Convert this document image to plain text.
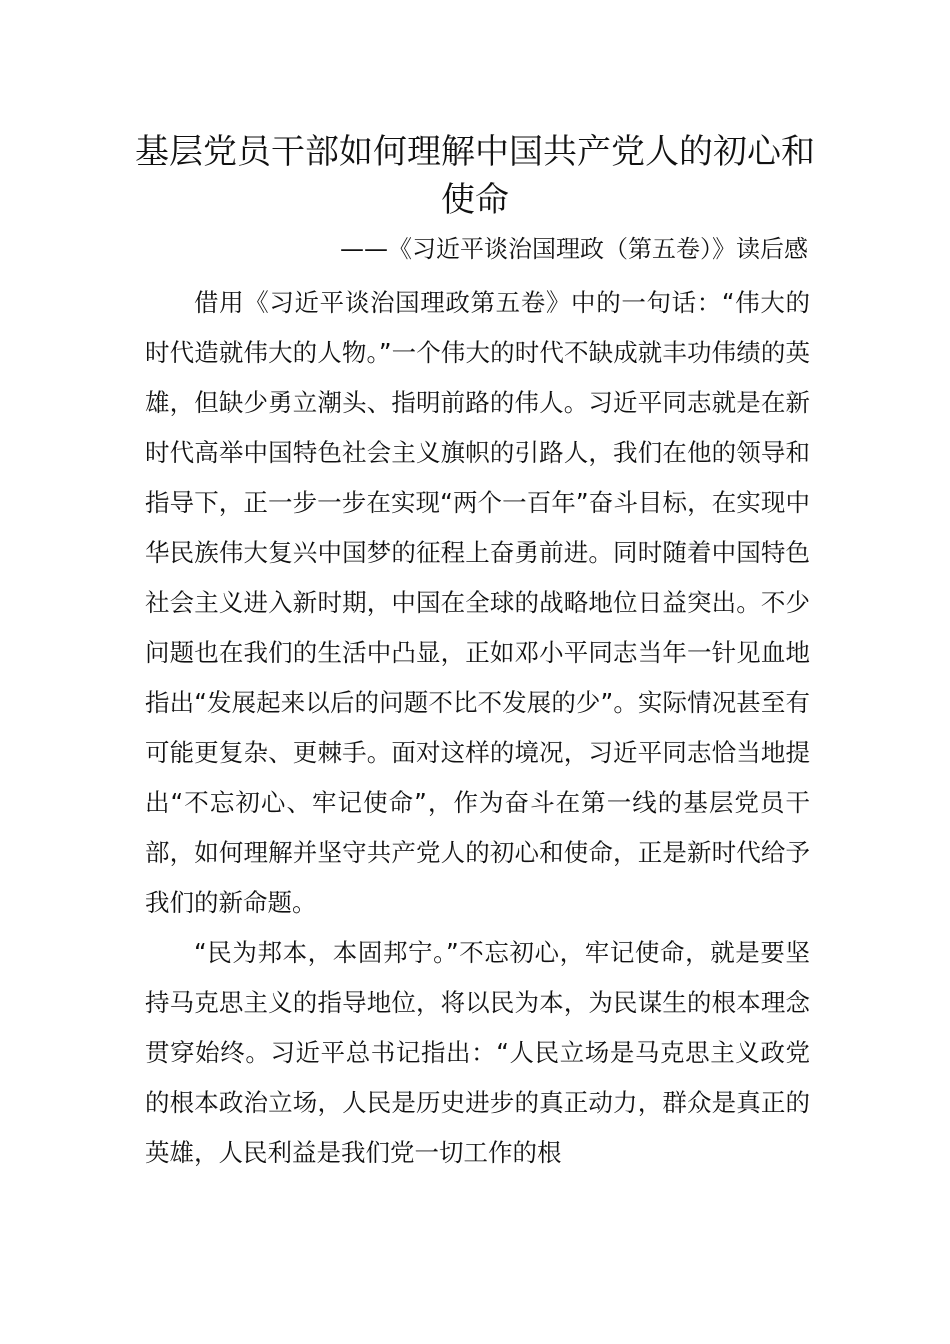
基层党员干部如何理解中国共产党人的初心和使命
——《习近平谈治国理政（第五卷）》读后感

借用《习近平谈治国理政第五卷》中的一句话：“伟大的时代造就伟大的人物。”一个伟大的时代不缺成就丰功伟绩的英雄，但缺少勇立潮头、指明前路的伟人。习近平同志就是在新时代高举中国特色社会主义旗帜的引路人，我们在他的领导和指导下，正一步一步在实现“两个一百年”奋斗目标，在实现中华民族伟大复兴中国梦的征程上奋勇前进。同时随着中国特色社会主义进入新时期，中国在全球的战略地位日益突出。不少问题也在我们的生活中凸显，正如邓小平同志当年一针见血地指出“发展起来以后的问题不比不发展的少”。实际情况甚至有可能更复杂、更棘手。面对这样的境况，习近平同志恰当地提出“不忘初心、牢记使命”，作为奋斗在第一线的基层党员干部，如何理解并坚守共产党人的初心和使命，正是新时代给予我们的新命题。

“民为邦本，本固邦宁。”不忘初心，牢记使命，就是要坚持马克思主义的指导地位，将以民为本，为民谋生的根本理念贯穿始终。习近平总书记指出：“人民立场是马克思主义政党的根本政治立场，人民是历史进步的真正动力，群众是真正的英雄，人民利益是我们党一切工作的根
